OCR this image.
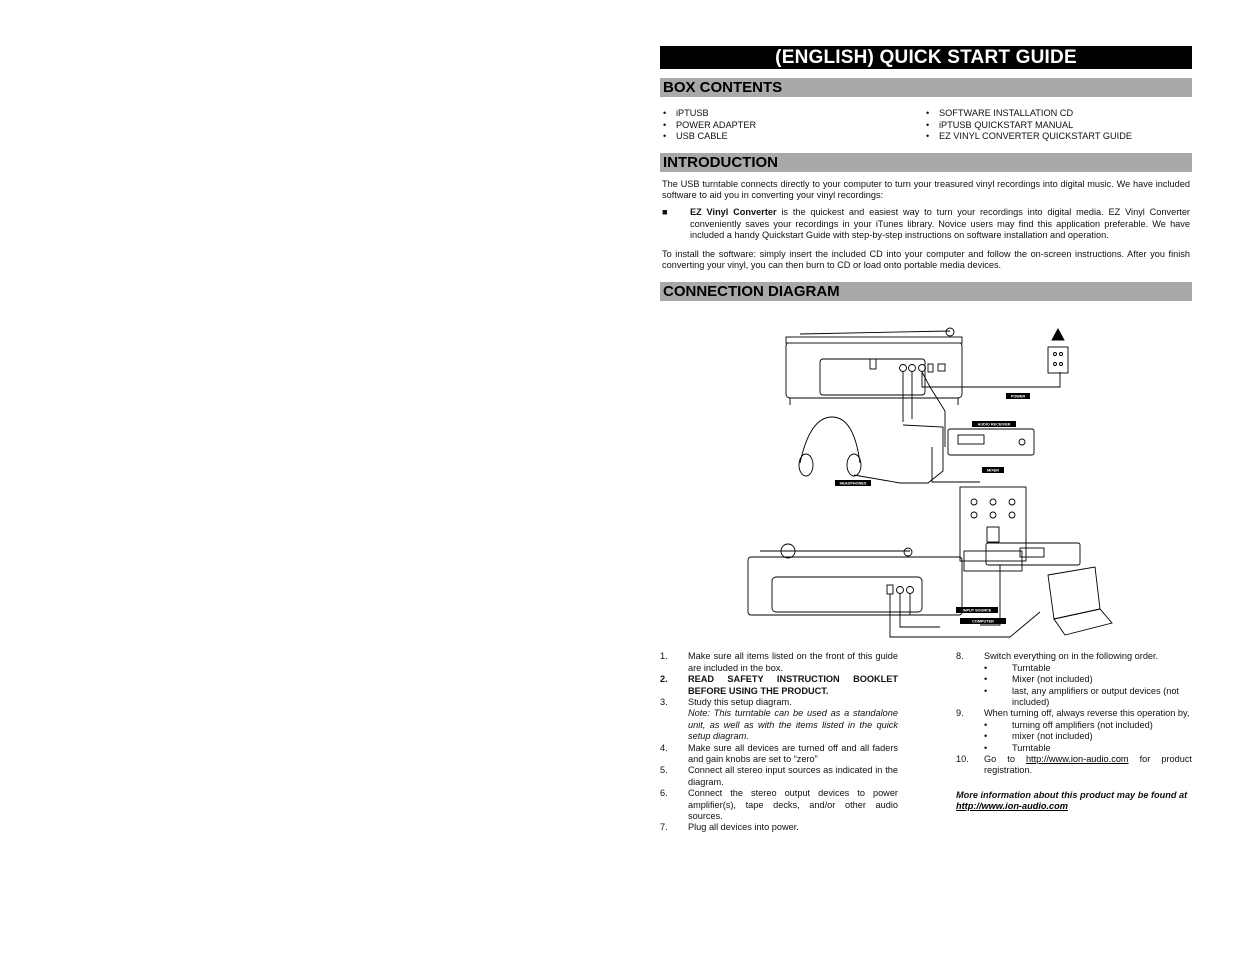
(ENGLISH) QUICK START GUIDE
BOX CONTENTS
• iPTUSB
• POWER ADAPTER
• USB CABLE
• SOFTWARE INSTALLATION CD
• iPTUSB QUICKSTART MANUAL
• EZ VINYL CONVERTER QUICKSTART GUIDE
INTRODUCTION
The USB turntable connects directly to your computer to turn your treasured vinyl recordings into digital music. We have included software to aid you in converting your vinyl recordings:
■	EZ Vinyl Converter is the quickest and easiest way to turn your recordings into digital media. EZ Vinyl Converter conveniently saves your recordings in your iTunes library. Novice users may find this application preferable. We have included a handy Quickstart Guide with step-by-step instructions on software installation and operation.
To install the software: simply insert the included CD into your computer and follow the on-screen instructions. After you finish converting your vinyl, you can then burn to CD or load onto portable media devices.
CONNECTION DIAGRAM
POWER
AUDIO RECEIVER
MIXER
HEADPHONES
INPUT SOURCE
COMPUTER
1.	Make sure all items listed on the front of this guide are included in the box.
2.	READ SAFETY INSTRUCTION BOOKLET BEFORE USING THE PRODUCT.
3.	Study this setup diagram.
Note: This turntable can be used as a standalone unit, as well as with the items listed in the quick setup diagram.
4.	Make sure all devices are turned off and all faders and gain knobs are set to “zero”
5.	Connect all stereo input sources as indicated in the diagram.
6.	Connect the stereo output devices to power amplifier(s), tape decks, and/or other audio sources.
7.	Plug all devices into power.
8.	Switch everything on in the following order.
• Turntable
• Mixer (not included)
• last, any amplifiers or output devices (not included)
9.	When turning off, always reverse this operation by,
• turning off amplifiers (not included)
• mixer (not included)
• Turntable
10.	Go to http://www.ion-audio.com for product registration.
More information about this product may be found at
http://www.ion-audio.com
